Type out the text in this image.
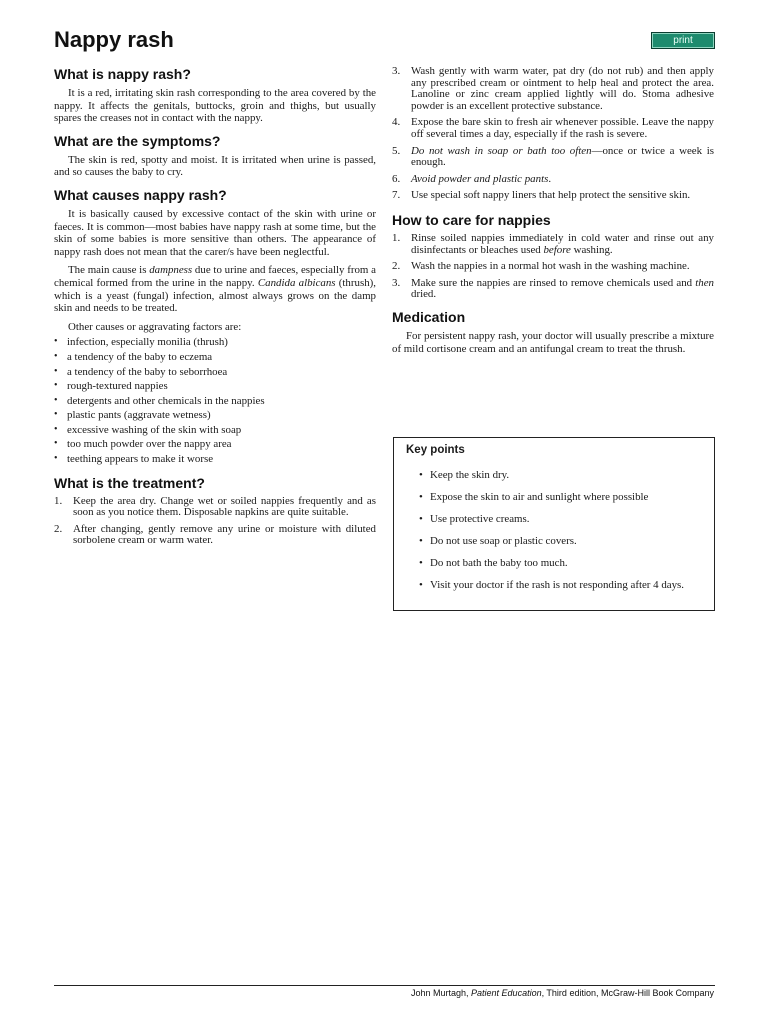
Nappy rash	print
What is nappy rash?

It is a red, irritating skin rash corresponding to the area covered by the nappy. It affects the genitals, buttocks, groin and thighs, but usually spares the creases not in contact with the nappy.

What are the symptoms?

The skin is red, spotty and moist. It is irritated when urine is passed, and so causes the baby to cry.

What causes nappy rash?

It is basically caused by excessive contact of the skin with urine or faeces. It is common—most babies have nappy rash at some time, but the skin of some babies is more sensitive than others. The appearance of nappy rash does not mean that the carer/s have been neglectful.

The main cause is dampness due to urine and faeces, especially from a chemical formed from the urine in the nappy. Candida albicans (thrush), which is a yeast (fungal) infection, almost always grows on the damp skin and needs to be treated.

Other causes or aggravating factors are:

• infection, especially monilia (thrush)
• a tendency of the baby to eczema
• a tendency of the baby to seborrhoea
• rough-textured nappies
• detergents and other chemicals in the nappies
• plastic pants (aggravate wetness)
• excessive washing of the skin with soap
• too much powder over the nappy area
• teething appears to make it worse
What is the treatment?
1. Keep the area dry. Change wet or soiled nappies frequently and as soon as you notice them. Disposable napkins are quite suitable.
2. After changing, gently remove any urine or moisture with diluted sorbolene cream or warm water.
3. Wash gently with warm water, pat dry (do not rub) and then apply any prescribed cream or ointment to help heal and protect the area. Lanoline or zinc cream applied lightly will do. Stoma adhesive powder is an excellent protective substance.
4. Expose the bare skin to fresh air whenever possible. Leave the nappy off several times a day, especially if the rash is severe.
5. Do not wash in soap or bath too often—once or twice a week is enough.
6. Avoid powder and plastic pants.
7. Use special soft nappy liners that help protect the sensitive skin.
How to care for nappies
1. Rinse soiled nappies immediately in cold water and rinse out any disinfectants or bleaches used before washing.
2. Wash the nappies in a normal hot wash in the washing machine.
3. Make sure the nappies are rinsed to remove chemicals used and then dried.
Medication

For persistent nappy rash, your doctor will usually prescribe a mixture of mild cortisone cream and an antifungal cream to treat the thrush.

Key points
• Keep the skin dry.
• Expose the skin to air and sunlight where possible
• Use protective creams.
• Do not use soap or plastic covers.
• Do not bath the baby too much.
• Visit your doctor if the rash is not responding after 4 days.
John Murtagh, Patient Education, Third edition, McGraw-Hill Book Company
